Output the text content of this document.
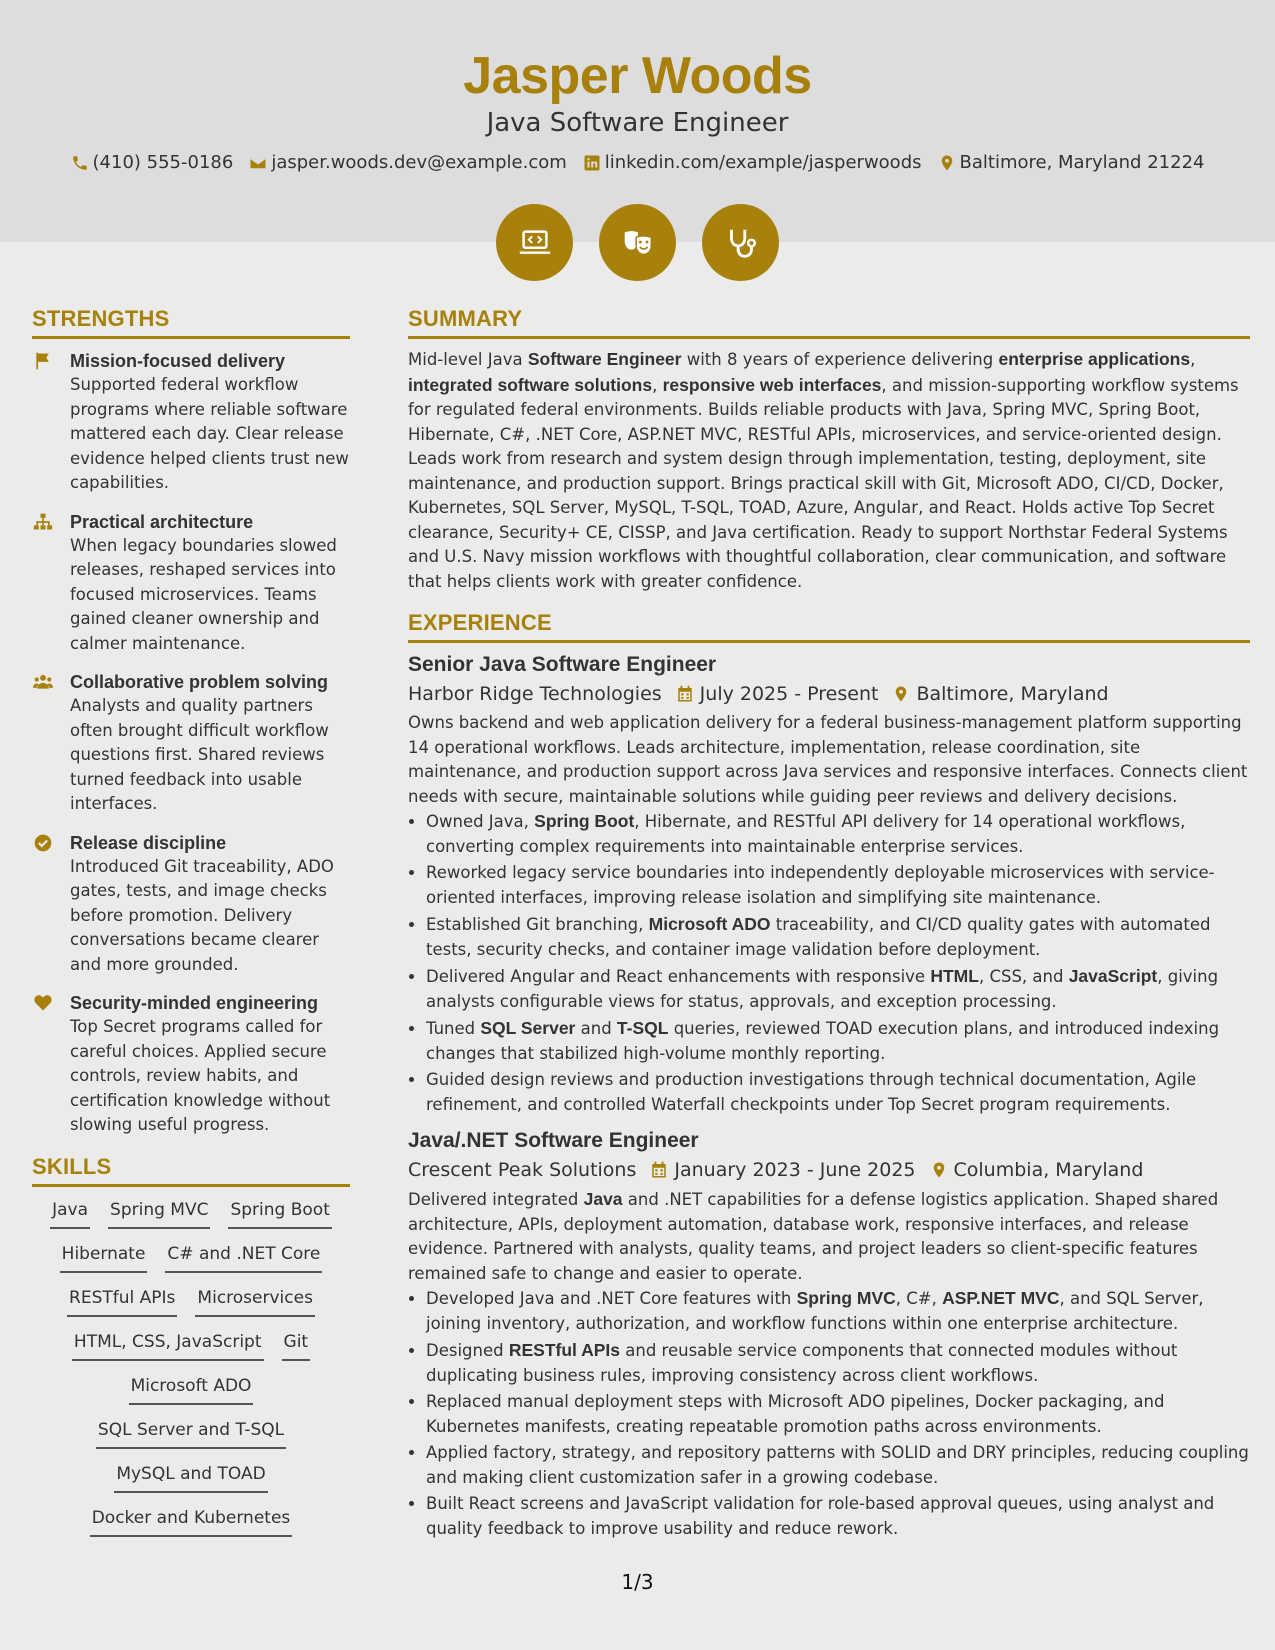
Jasper Woods
Java Software Engineer
(410) 555-0186 jasper.woods.dev@example.com linkedin.com/example/jasperwoods Baltimore, Maryland 21224
STRENGTHS
Mission-focused delivery
Supported federal workflow programs where reliable software mattered each day. Clear release evidence helped clients trust new capabilities.
Practical architecture
When legacy boundaries slowed releases, reshaped services into focused microservices. Teams gained cleaner ownership and calmer maintenance.
Collaborative problem solving
Analysts and quality partners often brought difficult workflow questions first. Shared reviews turned feedback into usable interfaces.
Release discipline
Introduced Git traceability, ADO gates, tests, and image checks before promotion. Delivery conversations became clearer and more grounded.
Security-minded engineering
Top Secret programs called for careful choices. Applied secure controls, review habits, and certification knowledge without slowing useful progress.
SKILLS
Java Spring MVC Spring Boot
Hibernate C# and .NET Core
RESTful APIs Microservices
HTML, CSS, JavaScript Git
Microsoft ADO
SQL Server and T-SQL
MySQL and TOAD
Docker and Kubernetes
SUMMARY
Mid-level Java Software Engineer with 8 years of experience delivering enterprise applications, integrated software solutions, responsive web interfaces, and mission-supporting workflow systems for regulated federal environments. Builds reliable products with Java, Spring MVC, Spring Boot, Hibernate, C#, .NET Core, ASP.NET MVC, RESTful APIs, microservices, and service-oriented design. Leads work from research and system design through implementation, testing, deployment, site maintenance, and production support. Brings practical skill with Git, Microsoft ADO, CI/CD, Docker, Kubernetes, SQL Server, MySQL, T-SQL, TOAD, Azure, Angular, and React. Holds active Top Secret clearance, Security+ CE, CISSP, and Java certification. Ready to support Northstar Federal Systems and U.S. Navy mission workflows with thoughtful collaboration, clear communication, and software that helps clients work with greater confidence.
EXPERIENCE
Senior Java Software Engineer
Harbor Ridge Technologies July 2025 - Present Baltimore, Maryland
Owns backend and web application delivery for a federal business-management platform supporting 14 operational workflows. Leads architecture, implementation, release coordination, site maintenance, and production support across Java services and responsive interfaces. Connects client needs with secure, maintainable solutions while guiding peer reviews and delivery decisions.
• Owned Java, Spring Boot, Hibernate, and RESTful API delivery for 14 operational workflows, converting complex requirements into maintainable enterprise services.
• Reworked legacy service boundaries into independently deployable microservices with service-oriented interfaces, improving release isolation and simplifying site maintenance.
• Established Git branching, Microsoft ADO traceability, and CI/CD quality gates with automated tests, security checks, and container image validation before deployment.
• Delivered Angular and React enhancements with responsive HTML, CSS, and JavaScript, giving analysts configurable views for status, approvals, and exception processing.
• Tuned SQL Server and T-SQL queries, reviewed TOAD execution plans, and introduced indexing changes that stabilized high-volume monthly reporting.
• Guided design reviews and production investigations through technical documentation, Agile refinement, and controlled Waterfall checkpoints under Top Secret program requirements.
Java/.NET Software Engineer
Crescent Peak Solutions January 2023 - June 2025 Columbia, Maryland
Delivered integrated Java and .NET capabilities for a defense logistics application. Shaped shared architecture, APIs, deployment automation, database work, responsive interfaces, and release evidence. Partnered with analysts, quality teams, and project leaders so client-specific features remained safe to change and easier to operate.
• Developed Java and .NET Core features with Spring MVC, C#, ASP.NET MVC, and SQL Server, joining inventory, authorization, and workflow functions within one enterprise architecture.
• Designed RESTful APIs and reusable service components that connected modules without duplicating business rules, improving consistency across client workflows.
• Replaced manual deployment steps with Microsoft ADO pipelines, Docker packaging, and Kubernetes manifests, creating repeatable promotion paths across environments.
• Applied factory, strategy, and repository patterns with SOLID and DRY principles, reducing coupling and making client customization safer in a growing codebase.
• Built React screens and JavaScript validation for role-based approval queues, using analyst and quality feedback to improve usability and reduce rework.
1/3
